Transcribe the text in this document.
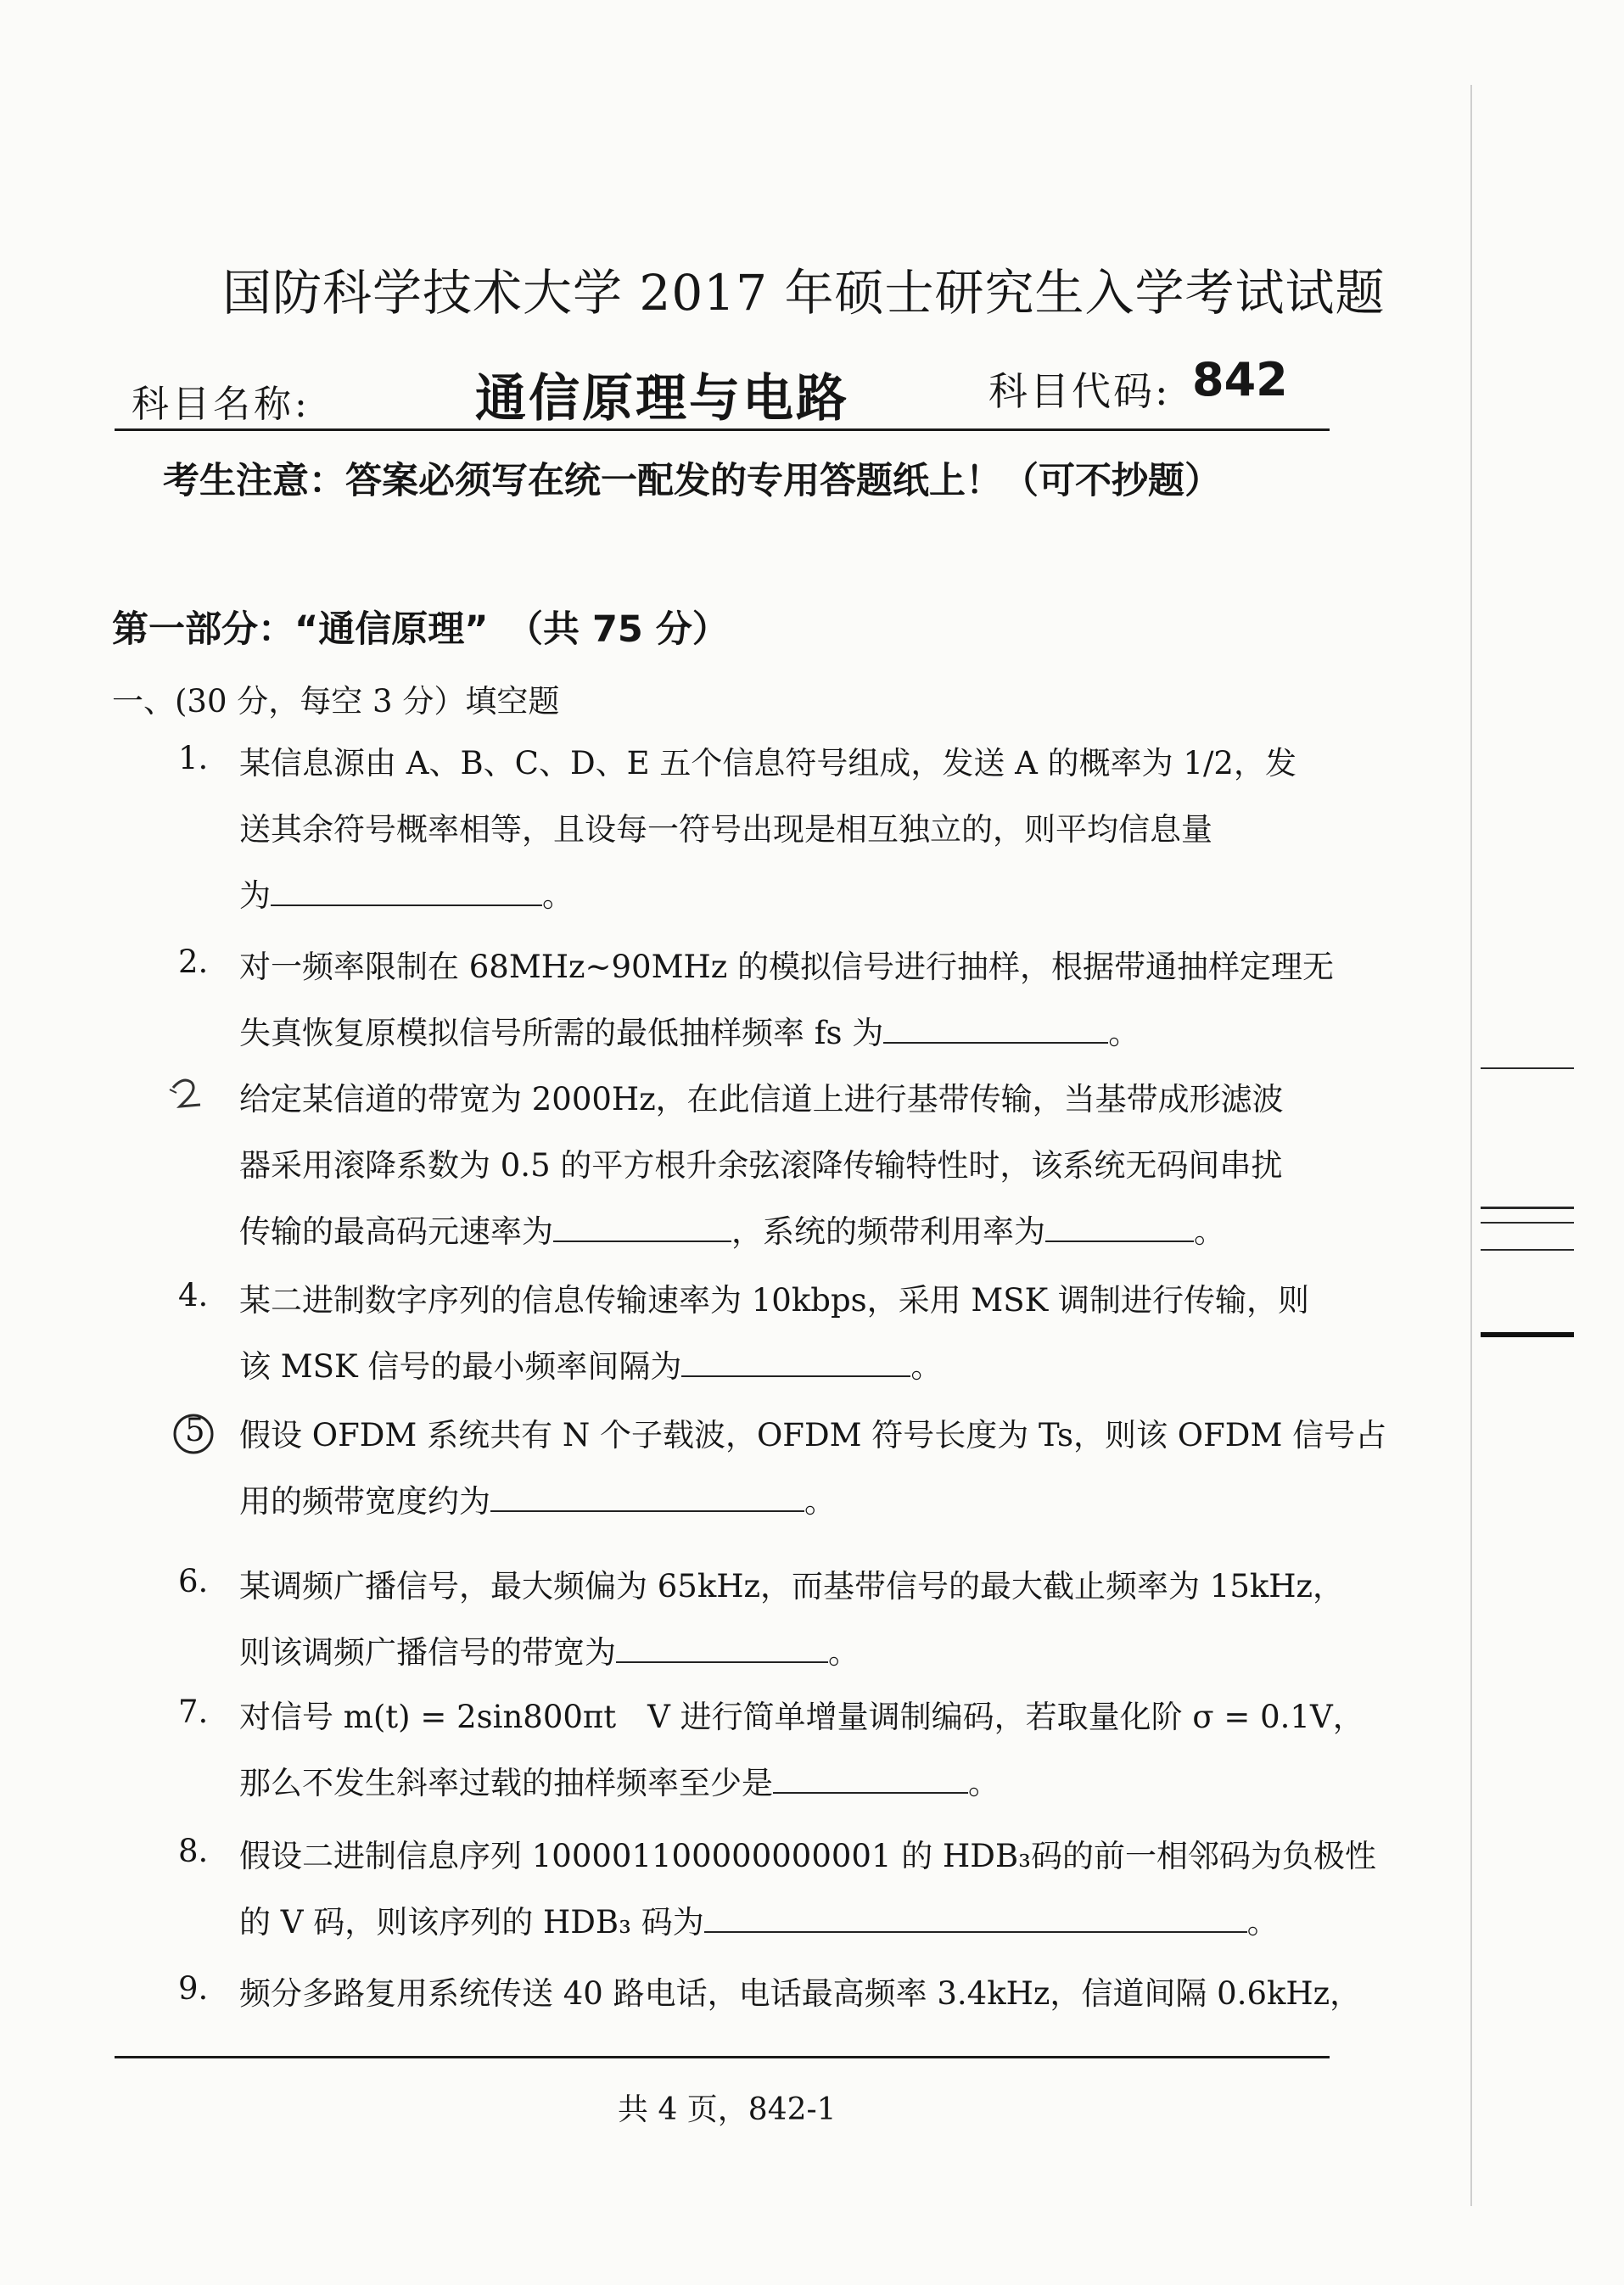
国防科学技术大学 2017 年硕士研究生入学考试试题
科目名称:	通信原理与电路	科目代码: 842
考生注意：答案必须写在统一配发的专用答题纸上！（可不抄题）
第一部分：“通信原理”　（共 75 分）
一、(30 分，每空 3 分）填空题
1. 某信息源由 A、B、C、D、E 五个信息符号组成，发送 A 的概率为 1/2，发
送其余符号概率相等，且设每一符号出现是相互独立的，则平均信息量
为	。
2. 对一频率限制在 68MHz~90MHz 的模拟信号进行抽样，根据带通抽样定理无
失真恢复原模拟信号所需的最低抽样频率 fs 为	。
给定某信道的带宽为 2000Hz，在此信道上进行基带传输，当基带成形滤波
器采用滚降系数为 0.5 的平方根升余弦滚降传输特性时，该系统无码间串扰
传输的最高码元速率为	，系统的频带利用率为	。
4. 某二进制数字序列的信息传输速率为 10kbps，采用 MSK 调制进行传输，则
该 MSK 信号的最小频率间隔为	。
5	假设 OFDM 系统共有 N 个子载波，OFDM 符号长度为 Ts，则该 OFDM 信号占
用的频带宽度约为	。
6. 某调频广播信号，最大频偏为 65kHz，而基带信号的最大截止频率为 15kHz，
则该调频广播信号的带宽为	。
7. 对信号 m(t) = 2sin800πt　V 进行简单增量调制编码，若取量化阶 σ = 0.1V，
那么不发生斜率过载的抽样频率至少是	。
8. 假设二进制信息序列 100001100000000001 的 HDB₃码的前一相邻码为负极性
的 V 码，则该序列的 HDB₃ 码为	。
9. 频分多路复用系统传送 40 路电话，电话最高频率 3.4kHz，信道间隔 0.6kHz，
共 4 页，842-1
